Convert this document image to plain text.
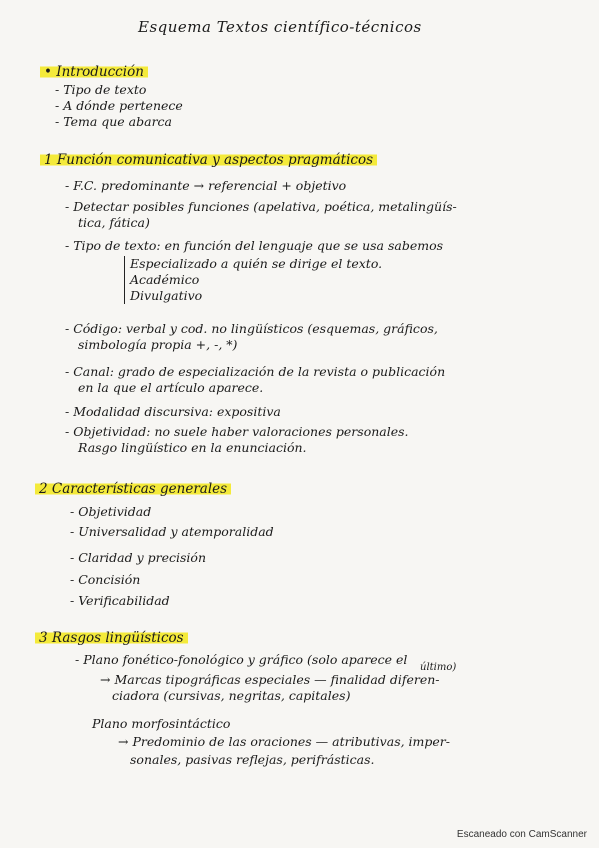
Esquema Textos científico-técnicos
• Introducción
- Tipo de texto
- A dónde pertenece
- Tema que abarca
1 Función comunicativa y aspectos pragmáticos
- F.C. predominante → referencial + objetivo
- Detectar posibles funciones (apelativa, poética, metalingüís-
tica, fática)
- Tipo de texto: en función del lenguaje que se usa sabemos
Especializado a quién se dirige el texto.
Académico
Divulgativo
- Código: verbal y cod. no lingüísticos (esquemas, gráficos,
simbología propia +, -, *)
- Canal: grado de especialización de la revista o publicación
en la que el artículo aparece.
- Modalidad discursiva: expositiva
- Objetividad: no suele haber valoraciones personales.
Rasgo lingüístico en la enunciación.
2 Características generales
- Objetividad
- Universalidad y atemporalidad
- Claridad y precisión
- Concisión
- Verificabilidad
3 Rasgos lingüísticos
- Plano fonético-fonológico y gráfico (solo aparece el
último)
→ Marcas tipográficas especiales — finalidad diferen-
ciadora (cursivas, negritas, capitales)
Plano morfosintáctico
→ Predominio de las oraciones — atributivas, imper-
sonales, pasivas reflejas, perifrásticas.
Escaneado con CamScanner
